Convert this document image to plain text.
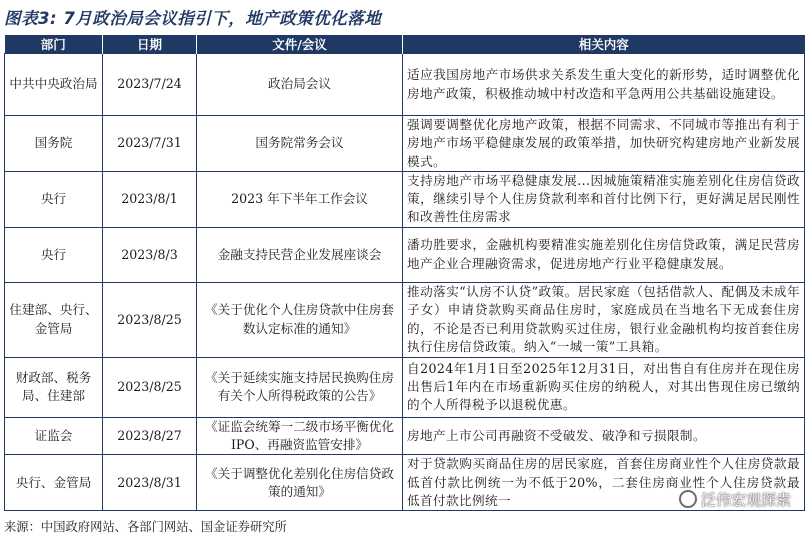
图表3: 7月政治局会议指引下，地产政策优化落地
部门	日期	文件/会议	相关内容
中共中央政治局	2023/7/24	政治局会议	适应我国房地产市场供求关系发生重大变化的新形势，适时调整优化房地产政策，积极推动城中村改造和平急两用公共基础设施建设。
国务院	2023/7/31	国务院常务会议	强调要调整优化房地产政策，根据不同需求、不同城市等推出有利于房地产市场平稳健康发展的政策举措，加快研究构建房地产业新发展模式。
央行	2023/8/1	2023 年下半年工作会议	支持房地产市场平稳健康发展...因城施策精准实施差别化住房信贷政策，继续引导个人住房贷款利率和首付比例下行，更好满足居民刚性和改善性住房需求
央行	2023/8/3	金融支持民营企业发展座谈会	潘功胜要求，金融机构要精准实施差别化住房信贷政策，满足民营房地产企业合理融资需求，促进房地产行业平稳健康发展。
住建部、央行、金管局	2023/8/25	《关于优化个人住房贷款中住房套数认定标准的通知》	推动落实“认房不认贷”政策。居民家庭（包括借款人、配偶及未成年子女）申请贷款购买商品住房时，家庭成员在当地名下无成套住房的，不论是否已利用贷款购买过住房，银行业金融机构均按首套住房执行住房信贷政策。纳入“一城一策”工具箱。
财政部、税务局、住建部	2023/8/25	《关于延续实施支持居民换购住房有关个人所得税政策的公告》	自2024年1月1日至2025年12月31日，对出售自有住房并在现住房出售后1年内在市场重新购买住房的纳税人，对其出售现住房已缴纳的个人所得税予以退税优惠。
证监会	2023/8/27	《证监会统筹一二级市场平衡优化 IPO、再融资监管安排》	房地产上市公司再融资不受破发、破净和亏损限制。
央行、金管局	2023/8/31	《关于调整优化差别化住房信贷政策的通知》	对于贷款购买商品住房的居民家庭，首套住房商业性个人住房贷款最低首付款比例统一为不低于20%，二套住房商业性个人住房贷款最低首付款比例统一	泛伟宏观探索
来源：中国政府网站、各部门网站、国金证券研究所
